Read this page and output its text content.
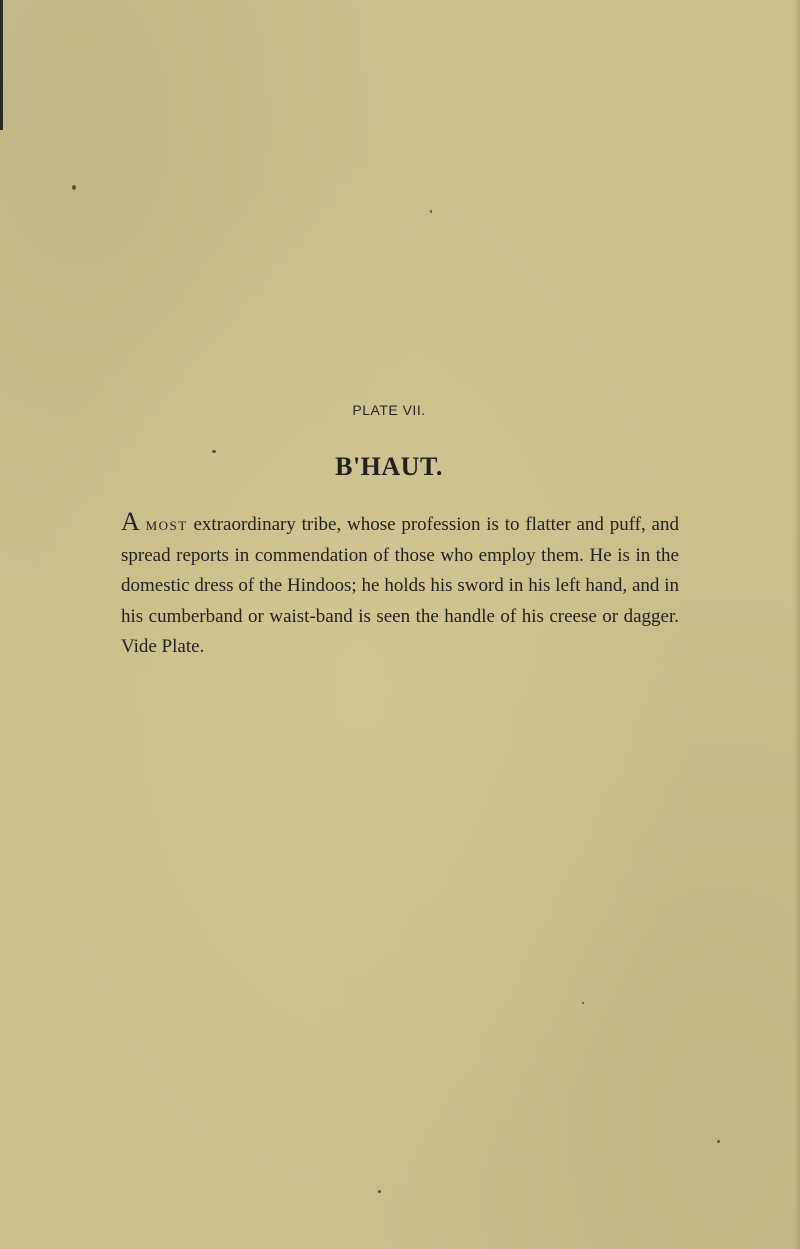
PLATE VII.
B'HAUT.

A most extraordinary tribe, whose profession is to flatter and puff, and spread reports in commendation of those who employ them. He is in the domestic dress of the Hindoos; he holds his sword in his left hand, and in his cumberband or waist-band is seen the handle of his creese or dagger. Vide Plate.
